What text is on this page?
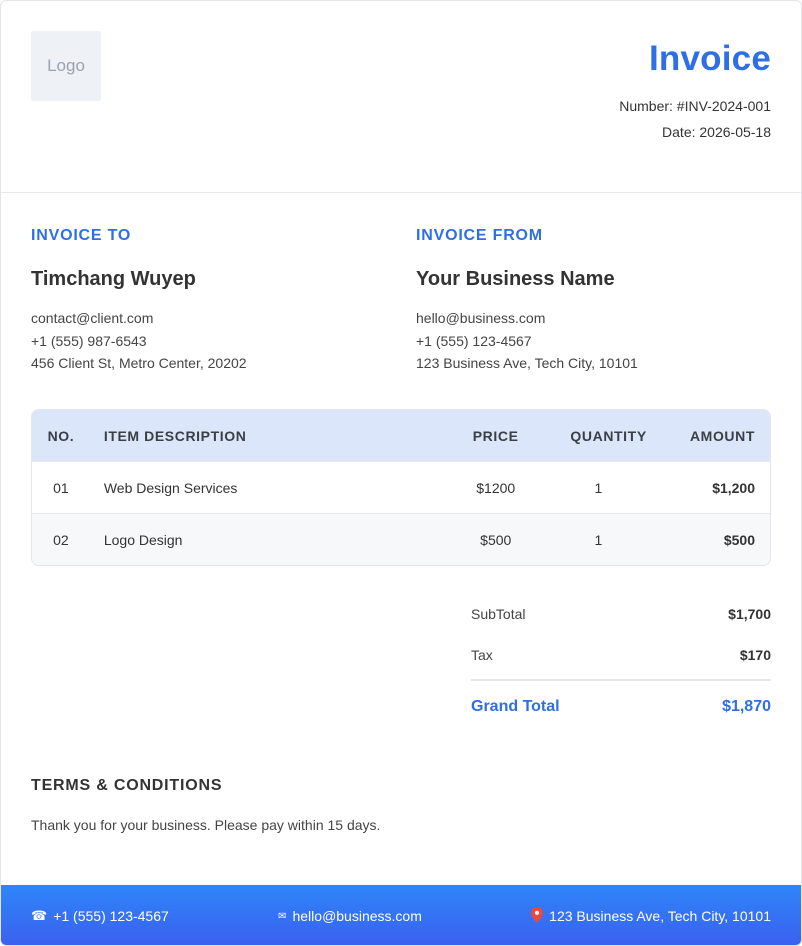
Logo	Invoice
Number: #INV-2024-001
Date: 2026-05-18
INVOICE TO
Timchang Wuyep
contact@client.com
+1 (555) 987-6543
456 Client St, Metro Center, 20202
INVOICE FROM
Your Business Name
hello@business.com
+1 (555) 123-4567
123 Business Ave, Tech City, 10101
NO.	ITEM DESCRIPTION	PRICE	QUANTITY	AMOUNT
01	Web Design Services	$1200	1	$1,200
02	Logo Design	$500	1	$500
SubTotal	$1,700
Tax	$170
Grand Total	$1,870
TERMS & CONDITIONS
Thank you for your business. Please pay within 15 days.
☎ +1 (555) 123-4567	✉ hello@business.com	123 Business Ave, Tech City, 10101
